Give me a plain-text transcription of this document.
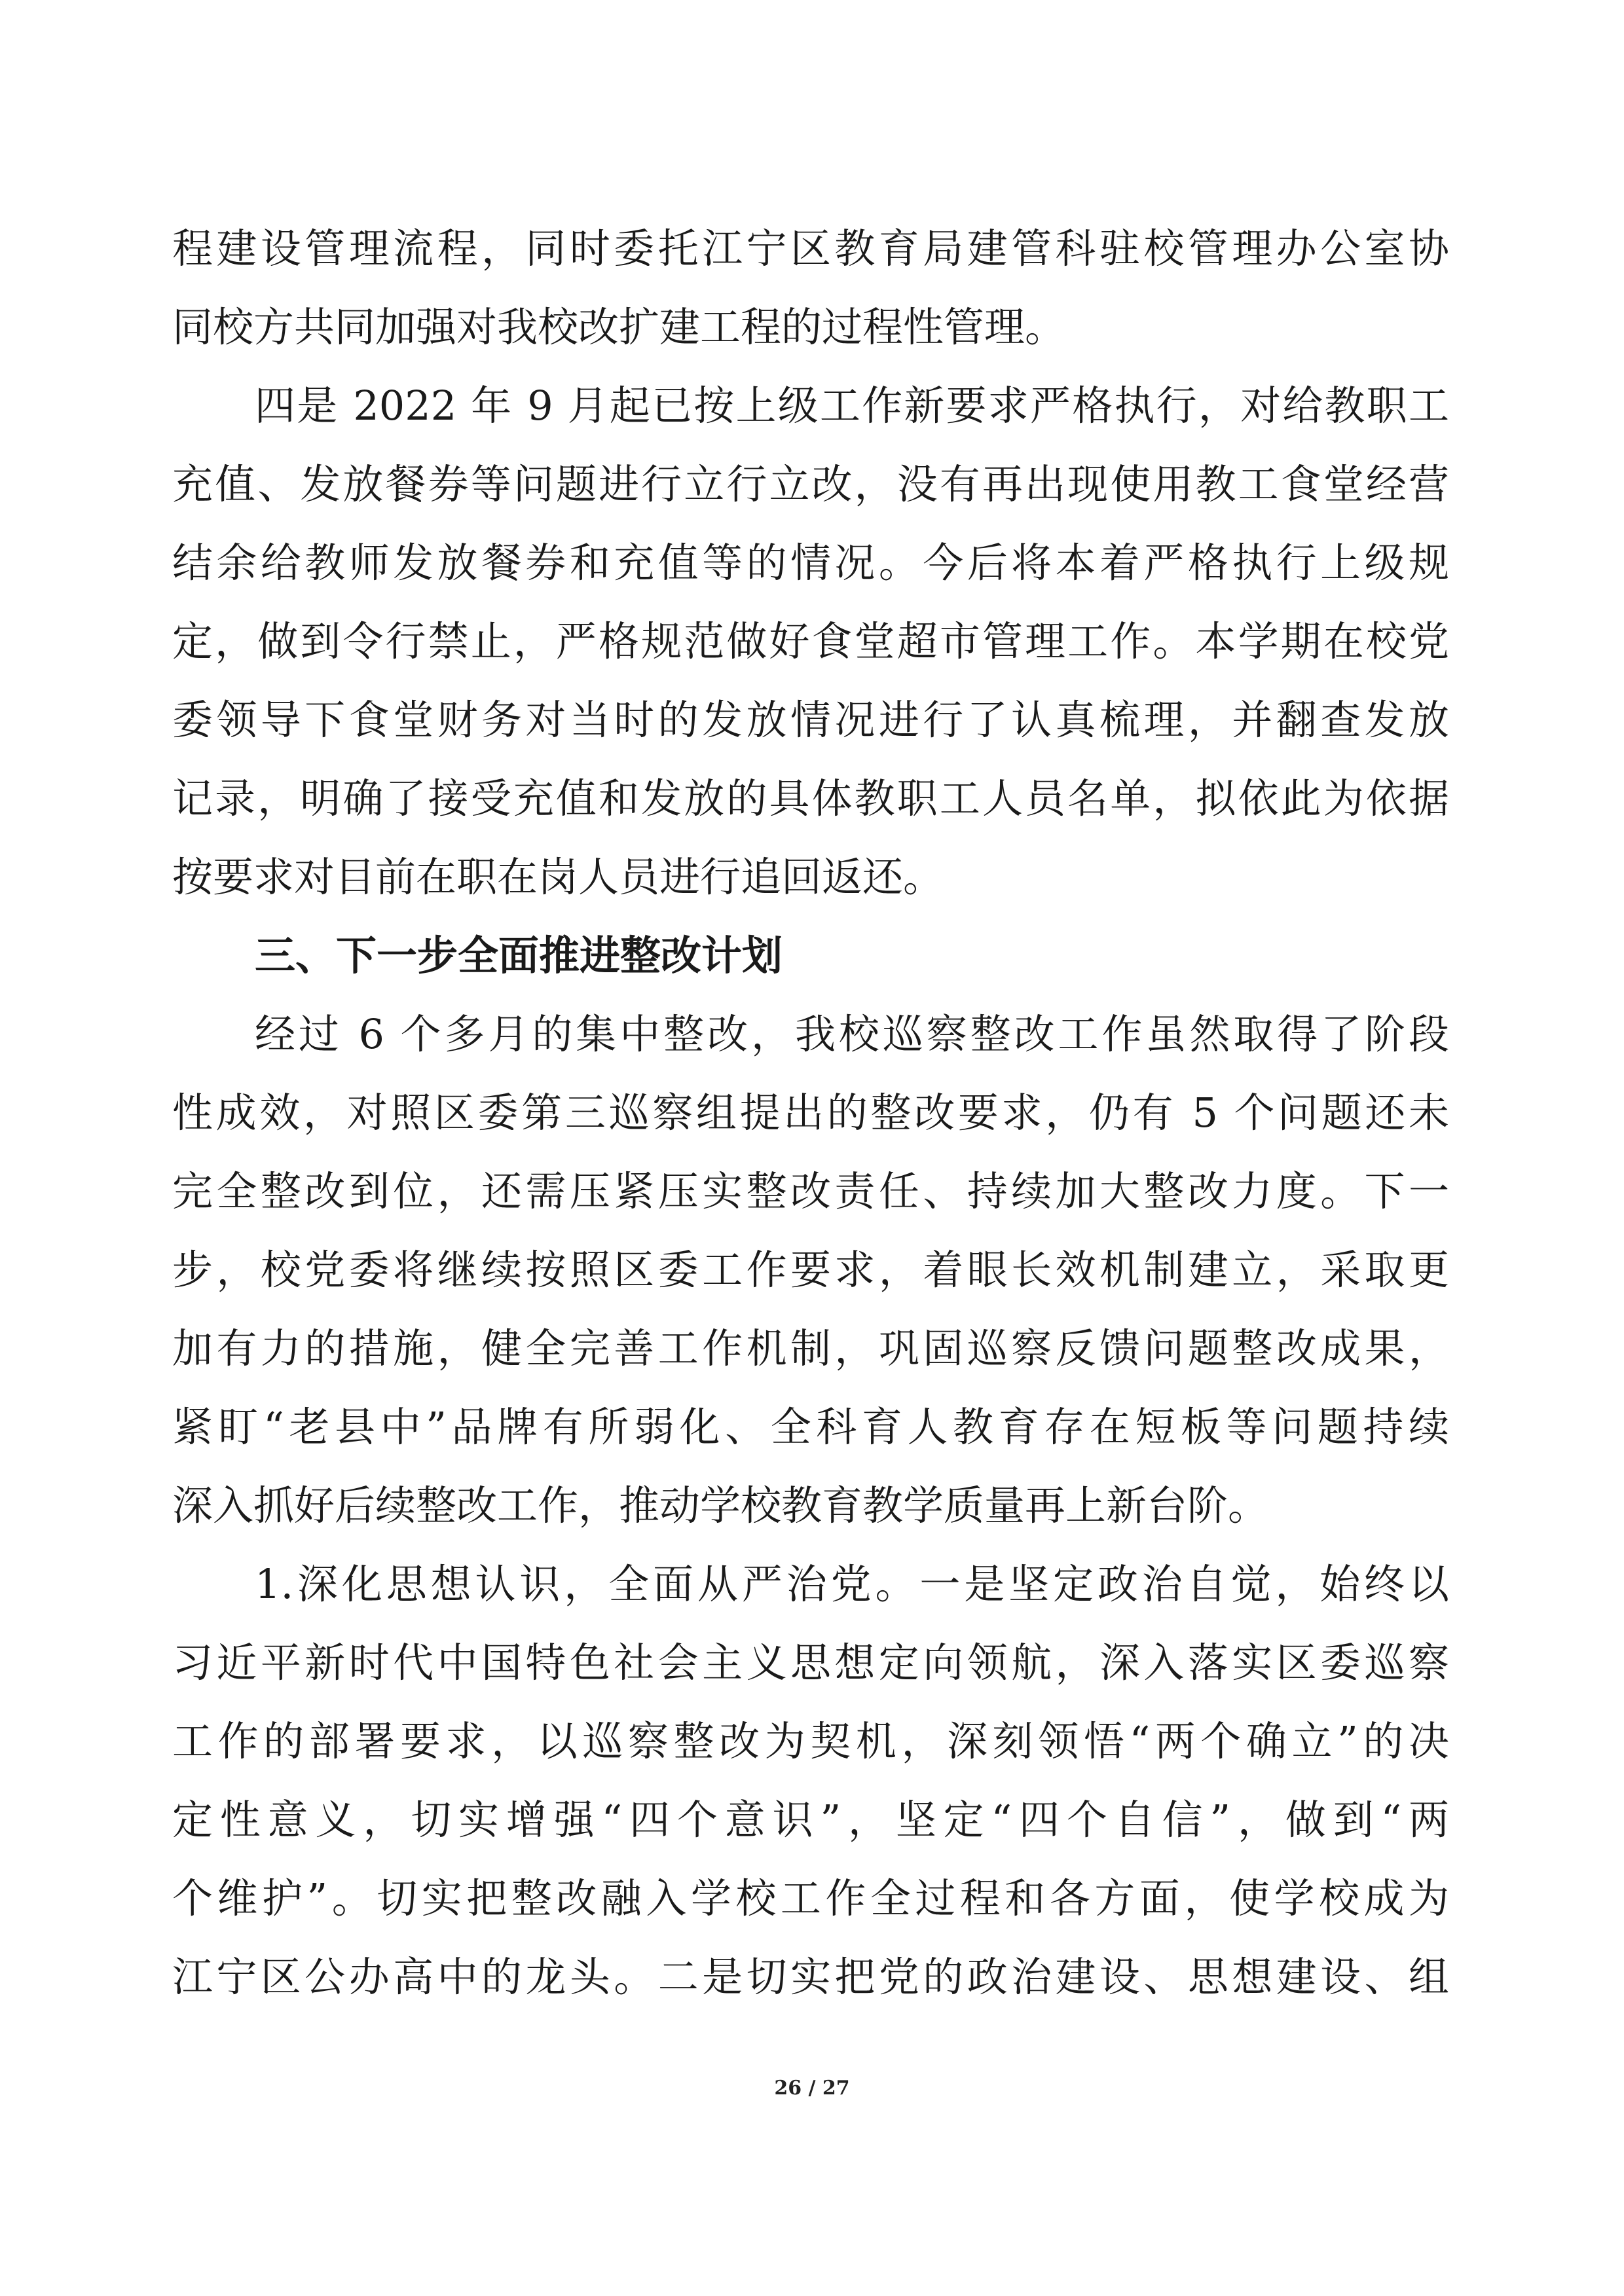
程建设管理流程，同时委托江宁区教育局建管科驻校管理办公室协
同校方共同加强对我校改扩建工程的过程性管理。
四是 2022 年 9 月起已按上级工作新要求严格执行，对给教职工
充值、发放餐券等问题进行立行立改，没有再出现使用教工食堂经营
结余给教师发放餐券和充值等的情况。今后将本着严格执行上级规
定，做到令行禁止，严格规范做好食堂超市管理工作。本学期在校党
委领导下食堂财务对当时的发放情况进行了认真梳理，并翻查发放
记录，明确了接受充值和发放的具体教职工人员名单，拟依此为依据
按要求对目前在职在岗人员进行追回返还。
三、下一步全面推进整改计划
经过 6 个多月的集中整改，我校巡察整改工作虽然取得了阶段
性成效，对照区委第三巡察组提出的整改要求，仍有 5 个问题还未
完全整改到位，还需压紧压实整改责任、持续加大整改力度。下一
步，校党委将继续按照区委工作要求，着眼长效机制建立，采取更
加有力的措施，健全完善工作机制，巩固巡察反馈问题整改成果，
紧盯“老县中”品牌有所弱化、全科育人教育存在短板等问题持续
深入抓好后续整改工作，推动学校教育教学质量再上新台阶。
1.深化思想认识，全面从严治党。一是坚定政治自觉，始终以
习近平新时代中国特色社会主义思想定向领航，深入落实区委巡察
工作的部署要求，以巡察整改为契机，深刻领悟“两个确立”的决
定性意义，切实增强“四个意识”，坚定“四个自信”，做到“两
个维护”。切实把整改融入学校工作全过程和各方面，使学校成为
江宁区公办高中的龙头。二是切实把党的政治建设、思想建设、组
26 / 27
